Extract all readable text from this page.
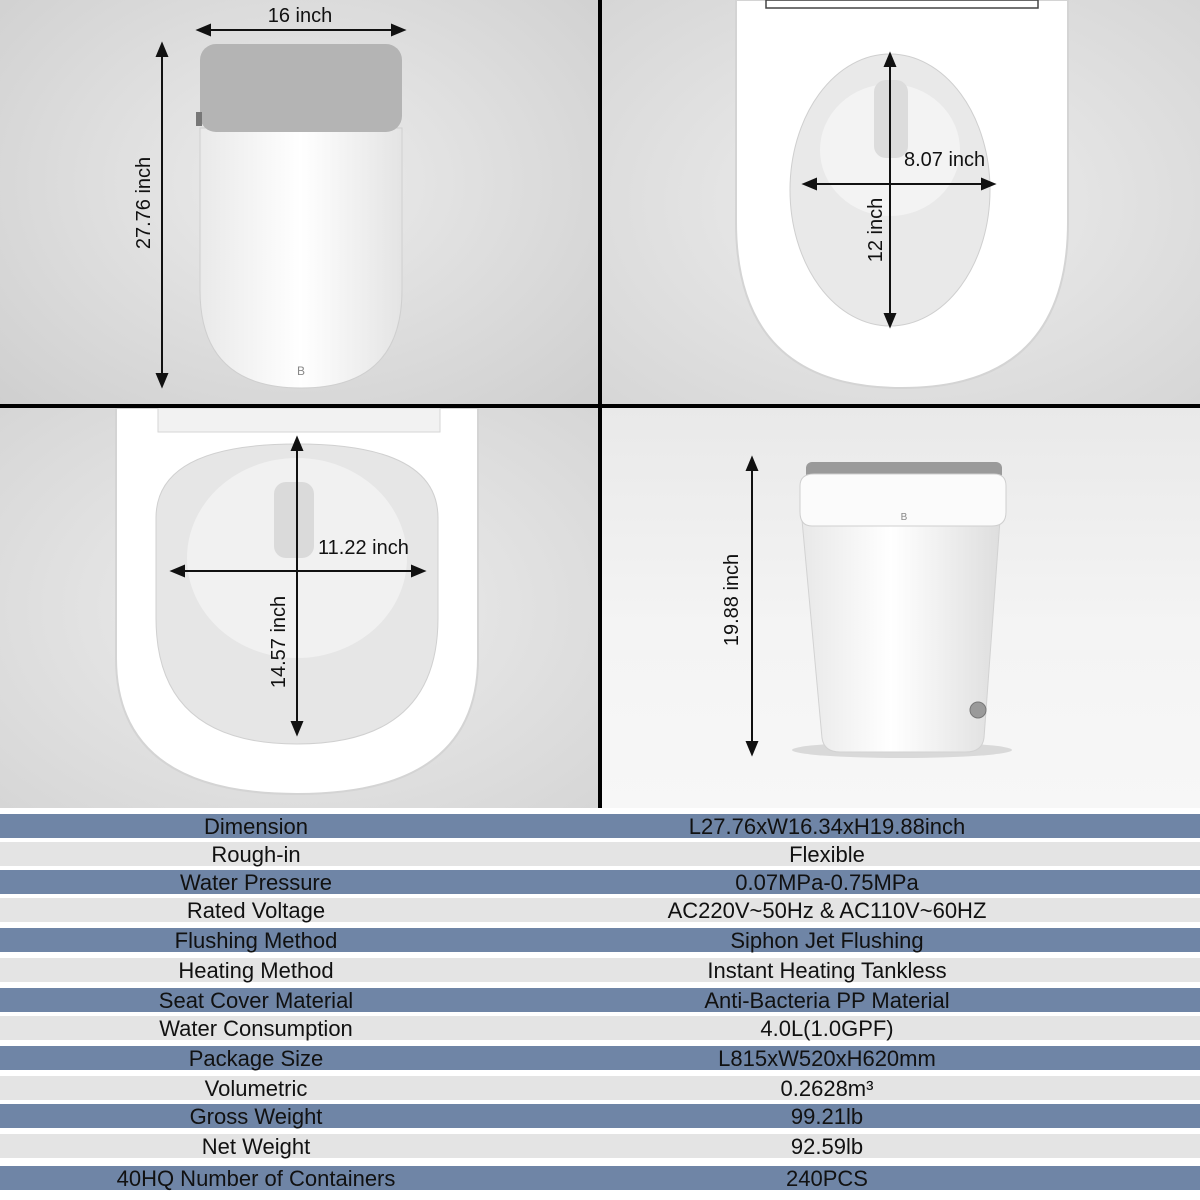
B
16 inch
27.76 inch	8.07 inch
12 inch
11.22 inch
14.57 inch
B
19.88 inch
Dimension	L27.76xW16.34xH19.88inch
Rough-in	Flexible
Water Pressure	0.07MPa-0.75MPa
Rated Voltage	AC220V~50Hz & AC110V~60HZ
Flushing Method	Siphon Jet Flushing
Heating Method	Instant Heating Tankless
Seat Cover Material	Anti-Bacteria PP Material
Water Consumption	4.0L(1.0GPF)
Package Size	L815xW520xH620mm
Volumetric	0.2628m³
Gross Weight	99.21lb
Net Weight	92.59lb
40HQ Number of Containers	240PCS
